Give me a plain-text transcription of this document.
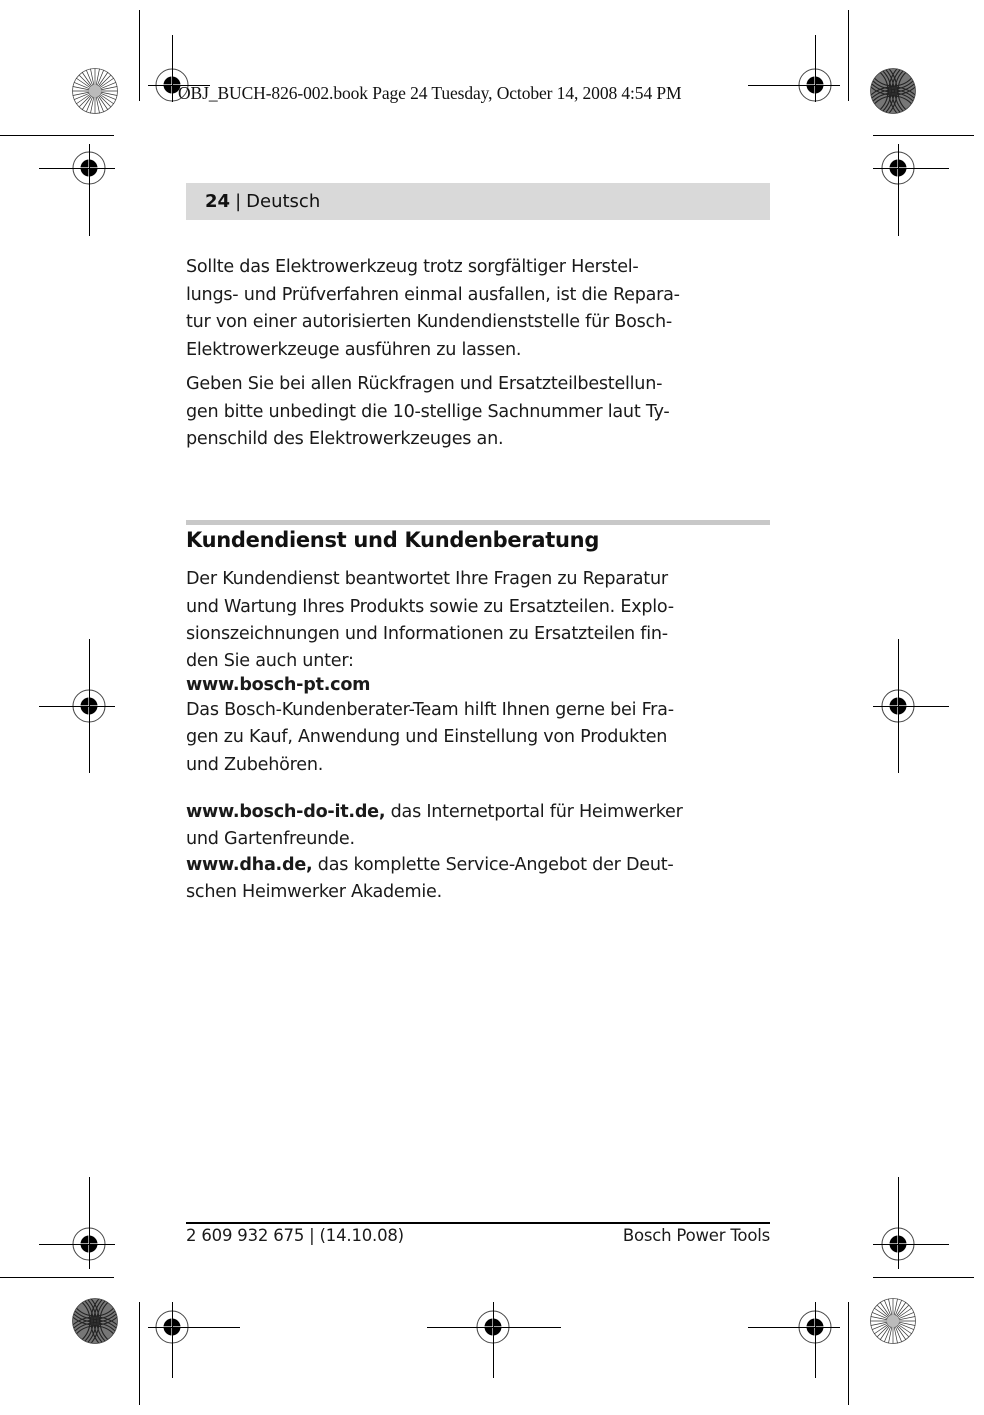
OBJ_BUCH-826-002.book Page 24 Tuesday, October 14, 2008 4:54 PM
24 | Deutsch

Sollte das Elektrowerkzeug trotz sorgfältiger Herstel-

lungs- und Prüfverfahren einmal ausfallen, ist die Repara-

tur von einer autorisierten Kundendienststelle für Bosch-

Elektrowerkzeuge ausführen zu lassen.

Geben Sie bei allen Rückfragen und Ersatzteilbestellun-

gen bitte unbedingt die 10-stellige Sachnummer laut Ty-

penschild des Elektrowerkzeuges an.

Kundendienst und Kundenberatung

Der Kundendienst beantwortet Ihre Fragen zu Reparatur

und Wartung Ihres Produkts sowie zu Ersatzteilen. Explo-

sionszeichnungen und Informationen zu Ersatzteilen fin-

den Sie auch unter:

www.bosch-pt.com

Das Bosch-Kundenberater-Team hilft Ihnen gerne bei Fra-

gen zu Kauf, Anwendung und Einstellung von Produkten

und Zubehören.

www.bosch-do-it.de, das Internetportal für Heimwerker

und Gartenfreunde.

www.dha.de, das komplette Service-Angebot der Deut-

schen Heimwerker Akademie.

2 609 932 675 | (14.10.08)	Bosch Power Tools
